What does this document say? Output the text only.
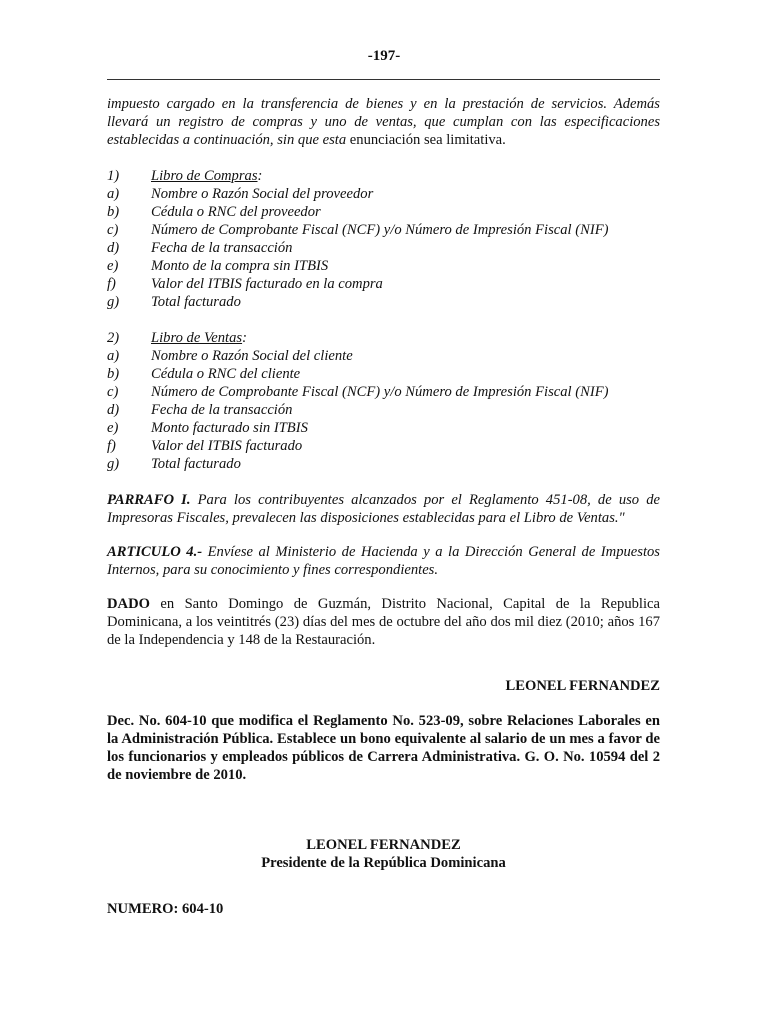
-197-

impuesto cargado en la transferencia de bienes y en la prestación de servicios. Además llevará un registro de compras y uno de ventas, que cumplan con las especificaciones establecidas a continuación, sin que esta enunciación sea limitativa.

1)	Libro de Compras:
a)	Nombre o Razón Social del proveedor
b)	Cédula o RNC del proveedor
c)	Número de Comprobante Fiscal (NCF) y/o Número de Impresión Fiscal (NIF)
d)	Fecha de la transacción
e)	Monto de la compra sin ITBIS
f)	Valor del ITBIS facturado en la compra
g)	Total facturado
2)	Libro de Ventas:
a)	Nombre o Razón Social del cliente
b)	Cédula o RNC del cliente
c)	Número de Comprobante Fiscal (NCF) y/o Número de Impresión Fiscal (NIF)
d)	Fecha de la transacción
e)	Monto facturado sin ITBIS
f)	Valor del ITBIS facturado
g)	Total facturado

PARRAFO I. Para los contribuyentes alcanzados por el Reglamento 451-08, de uso de Impresoras Fiscales, prevalecen las disposiciones establecidas para el Libro de Ventas."

ARTICULO 4.- Envíese al Ministerio de Hacienda y a la Dirección General de Impuestos Internos, para su conocimiento y fines correspondientes.

DADO en Santo Domingo de Guzmán, Distrito Nacional, Capital de la Republica Dominicana, a los veintitrés (23) días del mes de octubre del año dos mil diez (2010; años 167 de la Independencia y 148 de la Restauración.

LEONEL FERNANDEZ

Dec. No. 604-10 que modifica el Reglamento No. 523-09, sobre Relaciones Laborales en la Administración Pública. Establece un bono equivalente al salario de un mes a favor de los funcionarios y empleados públicos de Carrera Administrativa. G. O. No. 10594 del 2 de noviembre de 2010.

LEONEL FERNANDEZ

Presidente de la República Dominicana

NUMERO: 604-10
